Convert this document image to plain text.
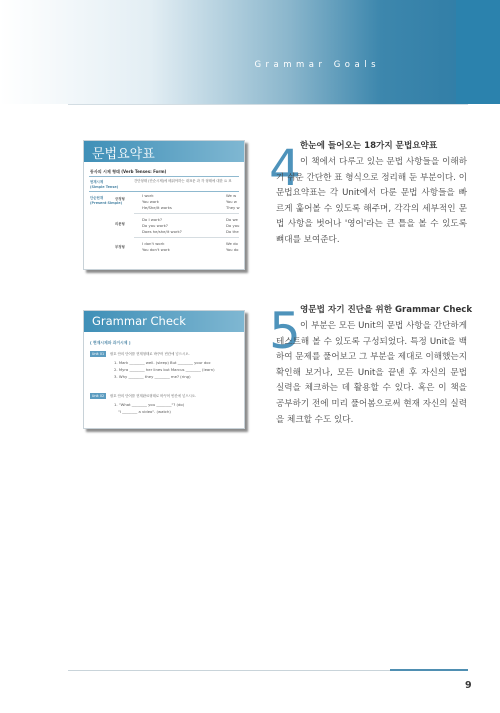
Grammar Goals
문법요약표
동사의 시제 형태 (Verb Tenses: Form)
현재시제
(Simple Tense)
간단형태 (단순시제)에 배워야하는 대표문 과 각 형태에 대한 요 표
단순현재
(Present Simple)
긍정형
I work
You work
He/She/It works
We w
You w
They w
의문형
Do I work?
Do you work?
Does he/she/it work?
Do we
Do you
Do the
부정형
I don't work
You don't work
We do
You do
Grammar Check
[ 현재시제와 과거시제 ]
Unit 01	괄호 안의 단어를 현재형태로 바꾸어 빈칸에 넣으시오.
1. Mark ________ well. (sleep) But ________ your doc
2. Myra ________ her lines but Marcus ________ (learn)
3. Why ________ they ________ me? (ring)
Unit 02	괄호 안의 단어를 현재완료형태로 바꾸어 빈칸에 넣으시오.
1. "What ________ you ________"? (do)
"I ________ a video". (watch)
4 한눈에 들어오는 18가지 문법요약표
이 책에서 다루고 있는 문법 사항들을 이해하기 쉬운 간단한 표 형식으로 정리해 둔 부분이다. 이 문법요약표는 각 Unit에서 다룬 문법 사항들을 빠르게 훑어볼 수 있도록 해주며, 각각의 세부적인 문법 사항을 벗어나 '영어'라는 큰 틀을 볼 수 있도록 뼈대를 보여준다.
5 영문법 자기 진단을 위한 Grammar Check
이 부분은 모든 Unit의 문법 사항을 간단하게 테스트해 볼 수 있도록 구성되었다. 특정 Unit을 백하여 문제를 풀어보고 그 부분을 제대로 이해했는지 확인해 보거나, 모든 Unit을 끝낸 후 자신의 문법 실력을 체크하는 데 활용할 수 있다. 혹은 이 책을 공부하기 전에 미리 풀어봄으로써 현재 자신의 실력을 체크할 수도 있다.
9
